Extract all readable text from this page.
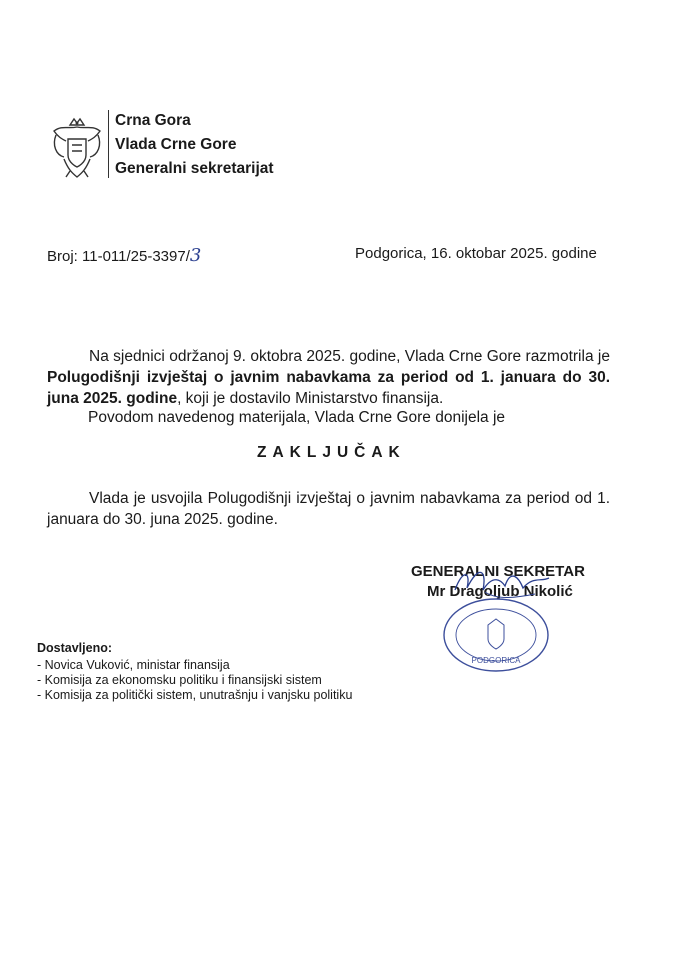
Crna Gora
Vlada Crne Gore
Generalni sekretarijat
Broj: 11-011/25-3397/3	Podgorica, 16. oktobar 2025. godine
Na sjednici održanoj 9. oktobra 2025. godine, Vlada Crne Gore razmotrila je Polugodišnji izvještaj o javnim nabavkama za period od 1. januara do 30. juna 2025. godine, koji je dostavilo Ministarstvo finansija.
Povodom navedenog materijala, Vlada Crne Gore donijela je
ZAKLJUČAK
Vlada je usvojila Polugodišnji izvještaj o javnim nabavkama za period od 1. januara do 30. juna 2025. godine.
GENERALNI SEKRETAR
Mr Dragoljub Nikolić
PODGORICA
Dostavljeno:
- Novica Vuković, ministar finansija
- Komisija za ekonomsku politiku i finansijski sistem
- Komisija za politički sistem, unutrašnju i vanjsku politiku
